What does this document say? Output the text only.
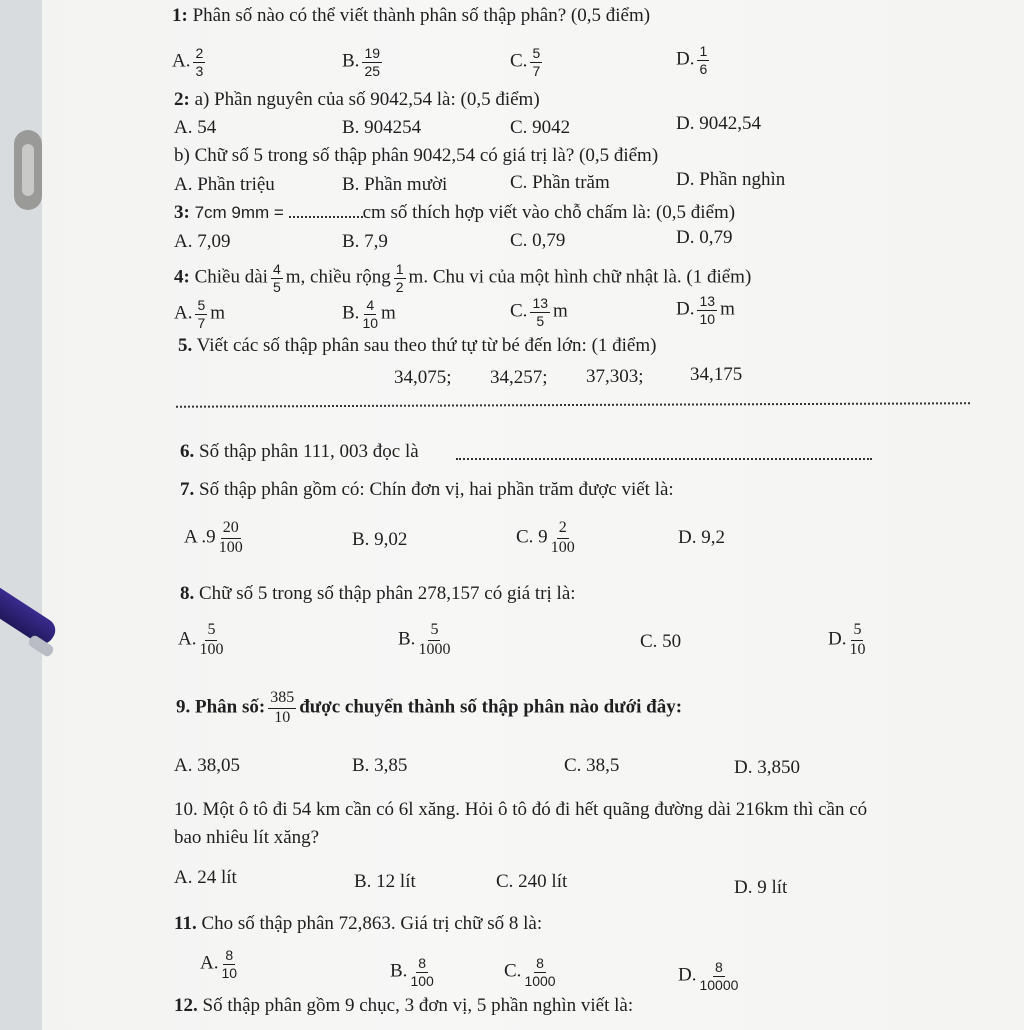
1: Phân số nào có thể viết thành phân số thập phân? (0,5 điểm)
A. $\frac{2}{3}$	B. $\frac{19}{25}$	C. $\frac{5}{7}$	D. $\frac{1}{6}$
2: a) Phần nguyên của số 9042,54 là: (0,5 điểm)
A. 54	B. 904254	C. 9042	D. 9042,54
b) Chữ số 5 trong số thập phân 9042,54 có giá trị là? (0,5 điểm)
A. Phần triệu	B. Phần mười	C. Phần trăm	D. Phần nghìn
3: 7cm 9mm =	cm số thích hợp viết vào chỗ chấm là: (0,5 điểm)
A. 7,09	B. 7,9	C. 0,79	D. 0,79
4: Chiều dài $\frac{4}{5} m$, chiều rộng $\frac{1}{2} m$. Chu vi của một hình chữ nhật là. (1 điểm)
A. $\frac{5}{7}$ m	B. $\frac{4}{10}$ m	C. $\frac{13}{5}$ m	D. $\frac{13}{10}$ m
5. Viết các số thập phân sau theo thứ tự từ bé đến lớn: (1 điểm)
34,075; 34,257; 37,303; 34,175
6. Số thập phân 111, 003 đọc là
7. Số thập phân gồm có: Chín đơn vị, hai phần trăm được viết là:
A $.9 \frac{20}{100}$	B. 9,02	C. $9 \frac{2}{100}$	D. 9,2
8. Chữ số 5 trong số thập phân 278,157 có giá trị là:
A. $\frac{5}{100}$	B. $\frac{5}{1000}$	C. 50	D. $\frac{5}{10}$
9. Phân số: $\frac{385}{10}$ được chuyển thành số thập phân nào dưới đây:
A. 38,05	B. 3,85	C. 38,5	D. 3,850
10. Một ô tô đi 54 km cần có 6l xăng. Hỏi ô tô đó đi hết quãng đường dài 216km thì cần có
bao nhiêu lít xăng?
A. 24 lít	B. 12 lít	C. 240 lít	D. 9 lít
11. Cho số thập phân 72,863. Giá trị chữ số 8 là:
A. $\frac{8}{10}$	B. $\frac{8}{100}$	C. $\frac{8}{1000}$	D. $\frac{8}{10000}$
12. Số thập phân gồm 9 chục, 3 đơn vị, 5 phần nghìn viết là:
